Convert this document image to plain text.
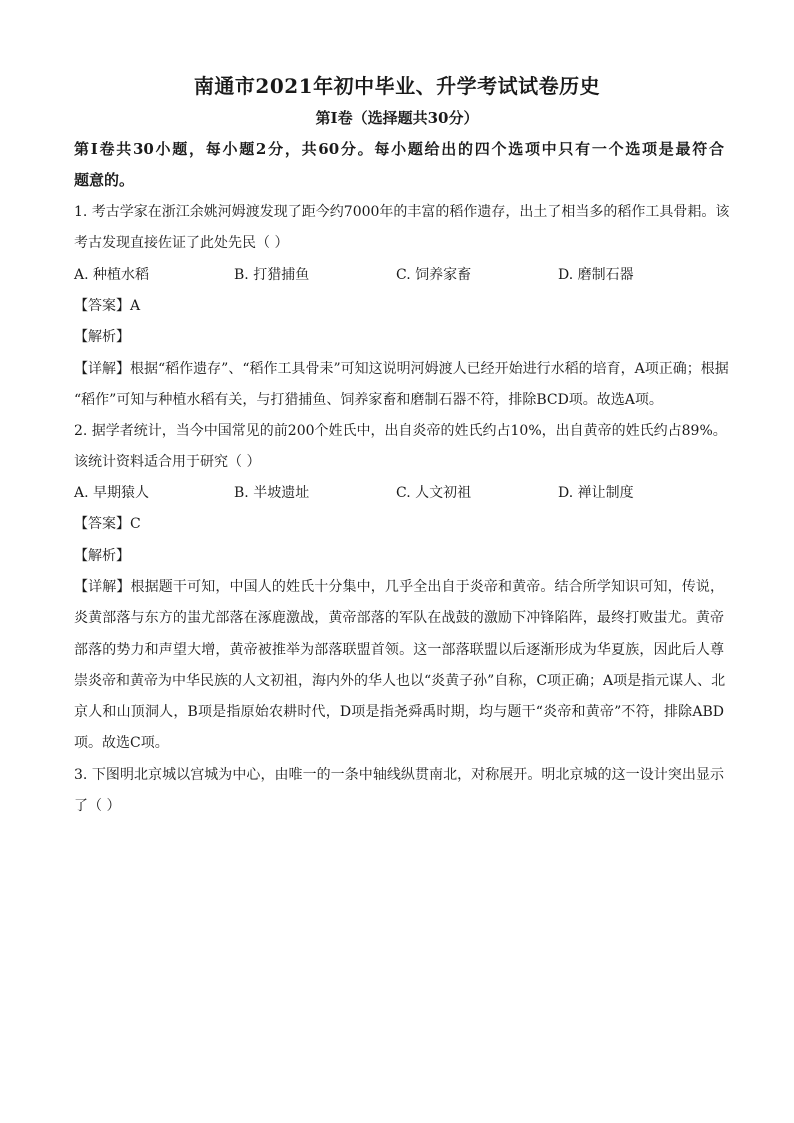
南通市2021年初中毕业、升学考试试卷历史
第Ⅰ卷（选择题共30分）
第Ⅰ卷共30小题，每小题2分，共60分。每小题给出的四个选项中只有一个选项是最符合
题意的。
1. 考古学家在浙江余姚河姆渡发现了距今约7000年的丰富的稻作遗存，出土了相当多的稻作工具骨耜。该
考古发现直接佐证了此处先民（ ）
A. 种植水稻	B. 打猎捕鱼	C. 饲养家畜	D. 磨制石器
【答案】A
【解析】
【详解】根据“稻作遗存”、“稻作工具骨耒”可知这说明河姆渡人已经开始进行水稻的培育，A项正确；根据
“稻作”可知与种植水稻有关，与打猎捕鱼、饲养家畜和磨制石器不符，排除BCD项。故选A项。
2. 据学者统计，当今中国常见的前200个姓氏中，出自炎帝的姓氏约占10%，出自黄帝的姓氏约占89%。
该统计资料适合用于研究（ ）
A. 早期猿人	B. 半坡遗址	C. 人文初祖	D. 禅让制度
【答案】C
【解析】
【详解】根据题干可知，中国人的姓氏十分集中，几乎全出自于炎帝和黄帝。结合所学知识可知，传说，
炎黄部落与东方的蚩尤部落在涿鹿激战，黄帝部落的军队在战鼓的激励下冲锋陷阵，最终打败蚩尤。黄帝
部落的势力和声望大增，黄帝被推举为部落联盟首领。这一部落联盟以后逐渐形成为华夏族，因此后人尊
崇炎帝和黄帝为中华民族的人文初祖，海内外的华人也以“炎黄子孙”自称，C项正确；A项是指元谋人、北
京人和山顶洞人，B项是指原始农耕时代，D项是指尧舜禹时期，均与题干“炎帝和黄帝”不符，排除ABD
项。故选C项。
3. 下图明北京城以宫城为中心，由唯一的一条中轴线纵贯南北，对称展开。明北京城的这一设计突出显示
了（ ）
